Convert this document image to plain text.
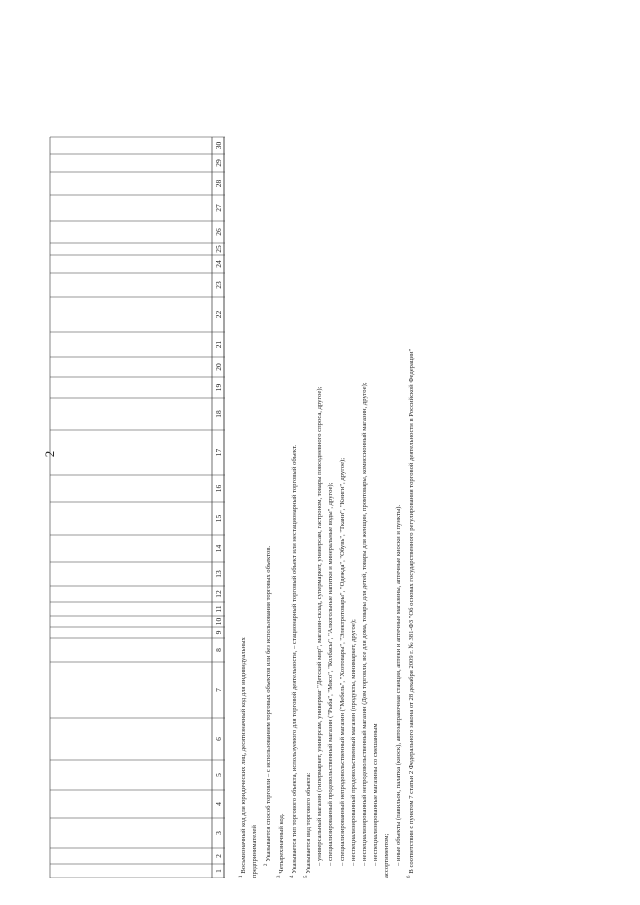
2
1
2
3
4
5
6
7
8
9
10
11
12
13
14
15
16
17
18
19
20
21
22
23
24
25
26
27
28
29
30
$^1$Восьмизначный код для юридических лиц, десятизначный код для индивидуальных предпринимателей	$^2$Указывается способ торговли – с использованием торговых объектов или без использования торговых объектов.
$^3$Четырехзначный код.
$^4$Указывается тип торгового объекта, используемого для торговой деятельности, – стационарный торговый объект или нестационарный торговый объект.
$^5$Указывается вид торгового объекта: – универсальный магазин (гипермаркет, универсам, универмаг "Детский мир", магазин-склад, супермаркет, универсам, гастроном, товары повседневного спроса, другое); – специализированный продовольственный магазин ("Рыба", "Мясо", "Колбасы", "Алкогольные напитки и минеральные воды", другое); – специализированный непродовольственный магазин ("Мебель", "Хозтовары", "Электротовары", "Одежда", "Обувь", "Ткани", "Книги", другое); – неспециализированный продовольственный магазин (продукты, минимаркет, другое); – неспециализированный непродовольственный магазин (Дом торговли, все для дома, товары для детей, товары для женщин, промтовары, комиссионный магазин, другое); – неспециализированные магазины со смешанным ассортиментом; – иные объекты (павильон, палатка (киоск), автозаправочная станция, аптеки и аптечные магазины, аптечные киоски и пункты).
$^6$В соответствии с пунктом 7 статьи 2 Федерального закона от 28 декабря 2009 г. № 381-ФЗ "Об основах государственного регулирования торговой деятельности в Российской Федерации"
